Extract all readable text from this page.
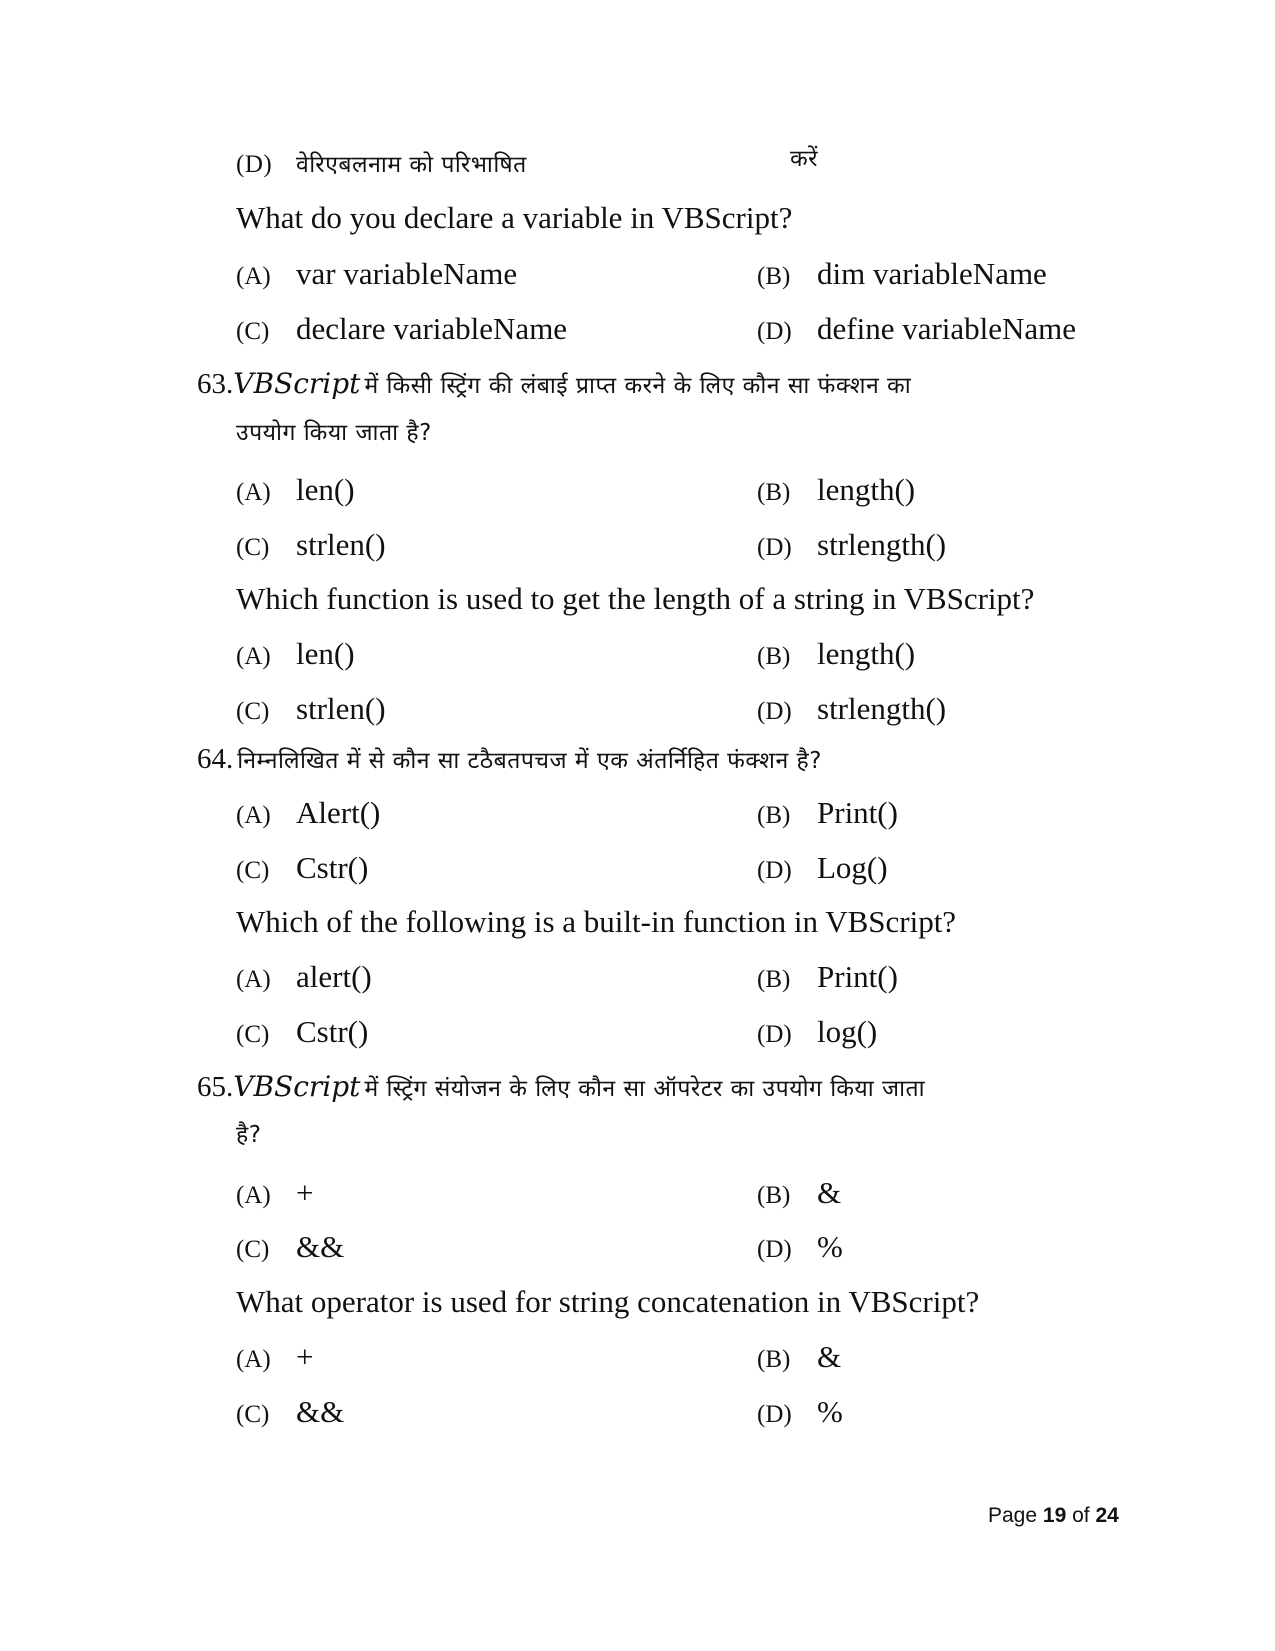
(D) वेरिएबलनाम को परिभाषित	करें
What do you declare a variable in VBScript?
(A) var variableName	(B) dim variableName
(C) declare variableName	(D) define variableName
63.VBScript में किसी स्ट्रिंग की लंबाई प्राप्त करने के लिए कौन सा फंक्शन का
उपयोग किया जाता है?
(A) len()	(B) length()
(C) strlen()	(D) strlength()
Which function is used to get the length of a string in VBScript?
(A) len()	(B) length()
(C) strlen()	(D) strlength()
64. निम्नलिखित में से कौन सा टठैबतपचज में एक अंतर्निहित फंक्शन है?
(A) Alert()	(B) Print()
(C) Cstr()	(D) Log()
Which of the following is a built-in function in VBScript?
(A) alert()	(B) Print()
(C) Cstr()	(D) log()
65.VBScript में स्ट्रिंग संयोजन के लिए कौन सा ऑपरेटर का उपयोग किया जाता
है?
(A) +	(B) &
(C) &&	(D) %
What operator is used for string concatenation in VBScript?
(A) +	(B) &
(C) &&	(D) %
Page 19 of 24
